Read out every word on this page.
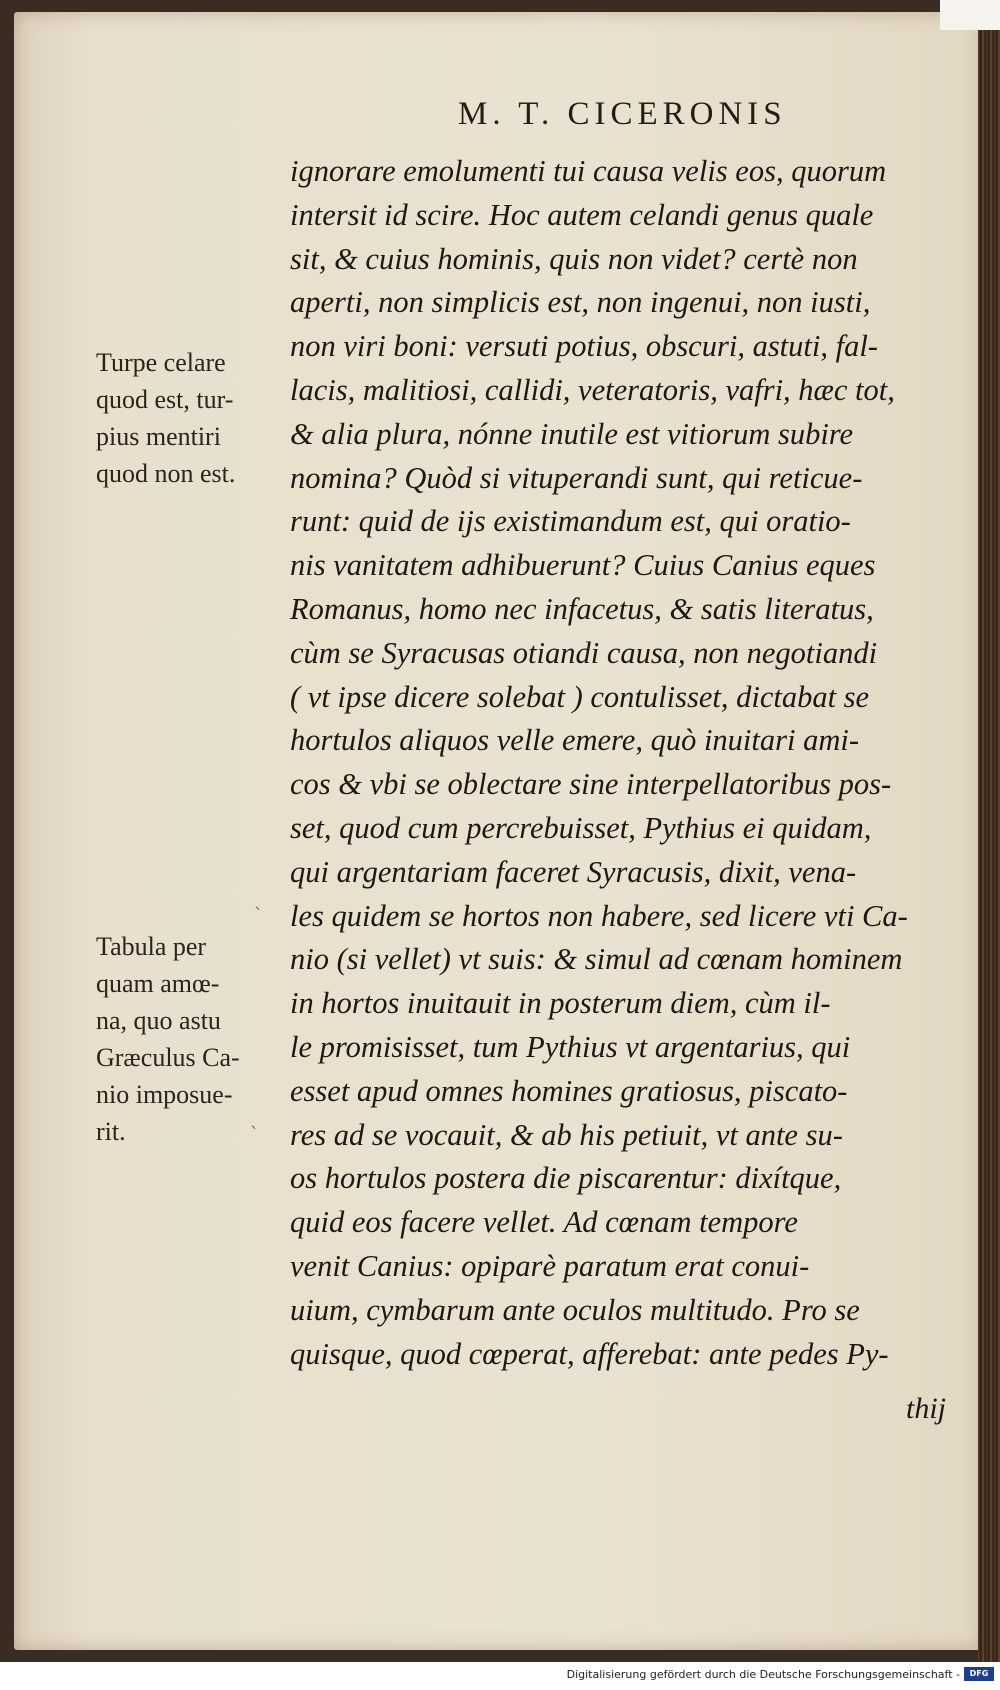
M. T. CICERONIS
Turpe celare
quod est, tur-
pius mentiri
quod non est.
Tabula per
quam amœ-
na, quo astu
Græculus Ca-
nio imposue-
rit.
ignorare emolumenti tui causa velis eos, quorum
intersit id scire. Hoc autem celandi genus quale
sit, & cuius hominis, quis non videt? certè non
aperti, non simplicis est, non ingenui, non iusti,
non viri boni: versuti potius, obscuri, astuti, fal-
lacis, malitiosi, callidi, veteratoris, vafri, hæc tot,
& alia plura, nónne inutile est vitiorum subire
nomina? Quòd si vituperandi sunt, qui reticue-
runt: quid de ijs existimandum est, qui oratio-
nis vanitatem adhibuerunt? Cuius Canius eques
Romanus, homo nec infacetus, & satis literatus,
cùm se Syracusas otiandi causa, non negotiandi
( vt ipse dicere solebat ) contulisset, dictabat se
hortulos aliquos velle emere, quò inuitari ami-
cos & vbi se oblectare sine interpellatoribus pos-
set, quod cum percrebuisset, Pythius ei quidam,
qui argentariam faceret Syracusis, dixit, vena-
les quidem se hortos non habere, sed licere vti Ca-
nio (si vellet) vt suis: & simul ad cœnam hominem
in hortos inuitauit in posterum diem, cùm il-
le promisisset, tum Pythius vt argentarius, qui
esset apud omnes homines gratiosus, piscato-
res ad se vocauit, & ab his petiuit, vt ante su-
os hortulos postera die piscarentur: dixítque,
quid eos facere vellet. Ad cœnam tempore
venit Canius: opiparè paratum erat conui-
uium, cymbarum ante oculos multitudo. Pro se
quisque, quod cœperat, afferebat: ante pedes Py-
thij
ˋ
ˋ
Digitalisierung gefördert durch die Deutsche Forschungsgemeinschaft -	DFG
